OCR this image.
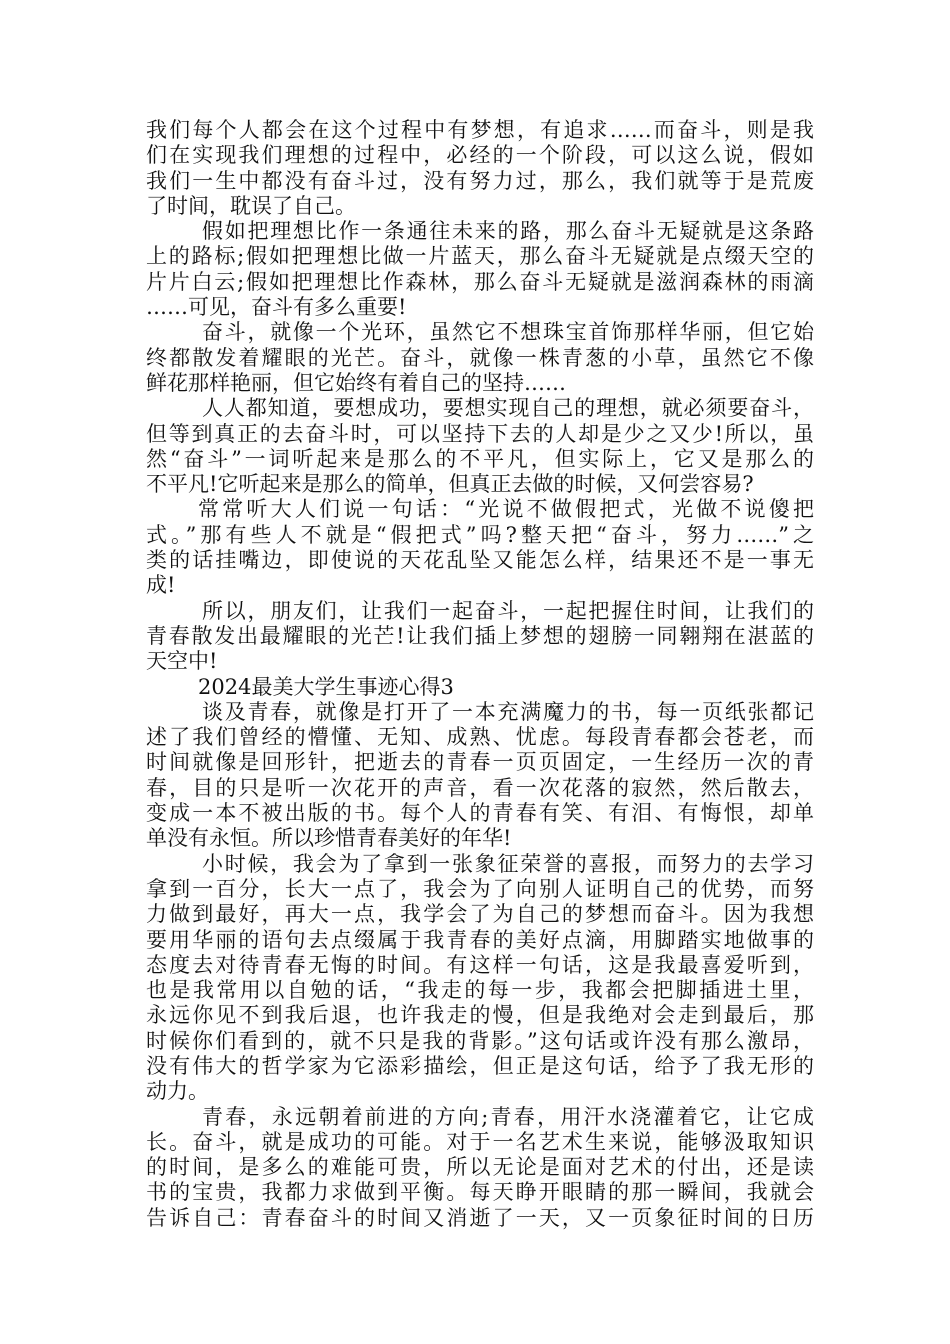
我们每个人都会在这个过程中有梦想，有追求……而奋斗，则是我
们在实现我们理想的过程中，必经的一个阶段，可以这么说，假如
我们一生中都没有奋斗过，没有努力过，那么，我们就等于是荒废
了时间，耽误了自己。
假如把理想比作一条通往未来的路，那么奋斗无疑就是这条路
上的路标;假如把理想比做一片蓝天，那么奋斗无疑就是点缀天空的
片片白云;假如把理想比作森林，那么奋斗无疑就是滋润森林的雨滴
……可见，奋斗有多么重要!
奋斗，就像一个光环，虽然它不想珠宝首饰那样华丽，但它始
终都散发着耀眼的光芒。奋斗，就像一株青葱的小草，虽然它不像
鲜花那样艳丽，但它始终有着自己的坚持……
人人都知道，要想成功，要想实现自己的理想，就必须要奋斗，
但等到真正的去奋斗时，可以坚持下去的人却是少之又少!所以，虽
然“奋斗”一词听起来是那么的不平凡，但实际上，它又是那么的
不平凡!它听起来是那么的简单，但真正去做的时候，又何尝容易?
常常听大人们说一句话：“光说不做假把式，光做不说傻把
式。”那有些人不就是“假把式”吗?整天把“奋斗，努力……”之
类的话挂嘴边，即使说的天花乱坠又能怎么样，结果还不是一事无
成!
所以，朋友们，让我们一起奋斗，一起把握住时间，让我们的
青春散发出最耀眼的光芒!让我们插上梦想的翅膀一同翱翔在湛蓝的
天空中!
2024最美大学生事迹心得3
谈及青春，就像是打开了一本充满魔力的书，每一页纸张都记
述了我们曾经的懵懂、无知、成熟、忧虑。每段青春都会苍老，而
时间就像是回形针，把逝去的青春一页页固定，一生经历一次的青
春，目的只是听一次花开的声音，看一次花落的寂然，然后散去，
变成一本不被出版的书。每个人的青春有笑、有泪、有悔恨，却单
单没有永恒。所以珍惜青春美好的年华!
小时候，我会为了拿到一张象征荣誉的喜报，而努力的去学习
拿到一百分，长大一点了，我会为了向别人证明自己的优势，而努
力做到最好，再大一点，我学会了为自己的梦想而奋斗。因为我想
要用华丽的语句去点缀属于我青春的美好点滴，用脚踏实地做事的
态度去对待青春无悔的时间。有这样一句话，这是我最喜爱听到，
也是我常用以自勉的话，“我走的每一步，我都会把脚插进土里，
永远你见不到我后退，也许我走的慢，但是我绝对会走到最后，那
时候你们看到的，就不只是我的背影。”这句话或许没有那么激昂，
没有伟大的哲学家为它添彩描绘，但正是这句话，给予了我无形的
动力。
青春，永远朝着前进的方向;青春，用汗水浇灌着它，让它成
长。奋斗，就是成功的可能。对于一名艺术生来说，能够汲取知识
的时间，是多么的难能可贵，所以无论是面对艺术的付出，还是读
书的宝贵，我都力求做到平衡。每天睁开眼睛的那一瞬间，我就会
告诉自己：青春奋斗的时间又消逝了一天，又一页象征时间的日历
